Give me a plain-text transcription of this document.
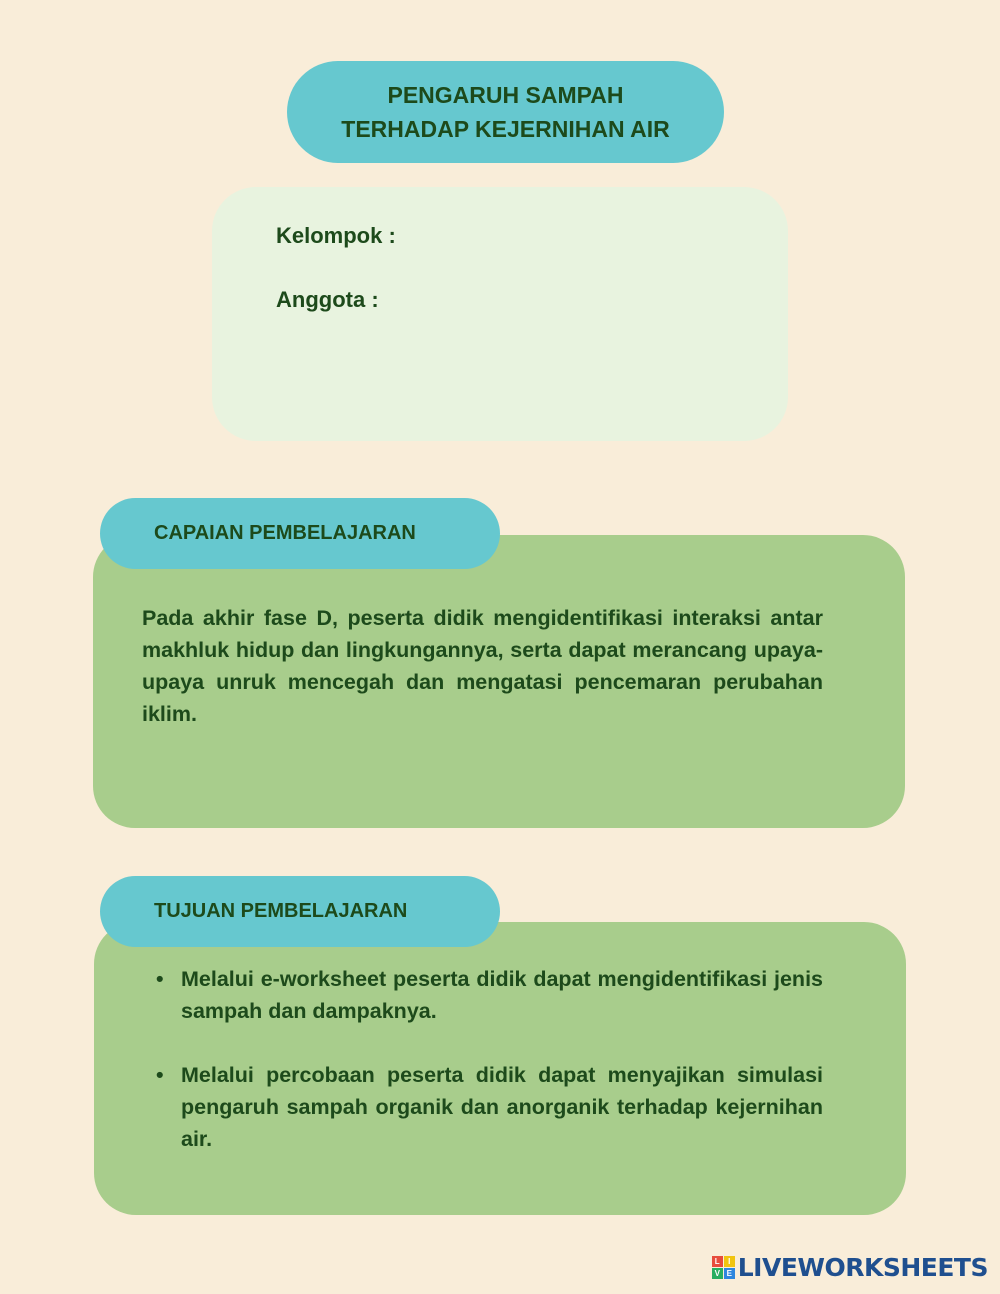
PENGARUH SAMPAH
TERHADAP KEJERNIHAN AIR
Kelompok :
Anggota :
CAPAIAN PEMBELAJARAN

Pada akhir fase D, peserta didik mengidentifikasi interaksi antar makhluk hidup dan lingkungannya, serta dapat merancang upaya-upaya unruk mencegah dan mengatasi pencemaran perubahan iklim.

TUJUAN PEMBELAJARAN
• Melalui e-worksheet peserta didik dapat mengidentifikasi jenis sampah dan dampaknya.
• Melalui percobaan peserta didik dapat menyajikan simulasi pengaruh sampah organik dan anorganik terhadap kejernihan air.
L	I
V E LIVEWORKSHEETS
